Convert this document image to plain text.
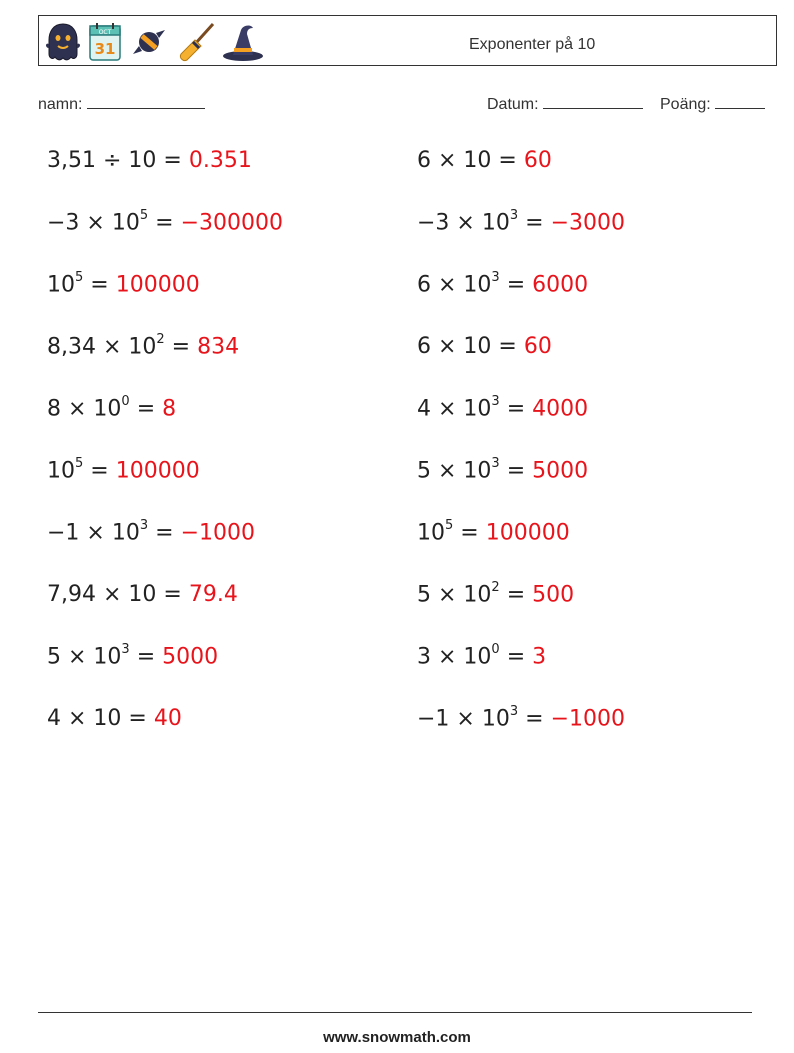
OCT
31	Exponenter på 10
namn:	Datum:	Poäng:
3,51 ÷ 10 = 0.351
$-3 \times 10^5 = -300000$
$10^5 = 100000$
$8,34 \times 10^2 = 834$
$8 \times 10^0 = 8$
$10^5 = 100000$
$-1 \times 10^3 = -1000$
7,94 × 10 = 79.4
$5 \times 10^3 = 5000$
4 × 10 = 40
6 × 10 = 60
$-3 \times 10^3 = -3000$
$6 \times 10^3 = 6000$
6 × 10 = 60
$4 \times 10^3 = 4000$
$5 \times 10^3 = 5000$
$10^5 = 100000$
$5 \times 10^2 = 500$
$3 \times 10^0 = 3$
$-1 \times 10^3 = -1000$
www.snowmath.com
